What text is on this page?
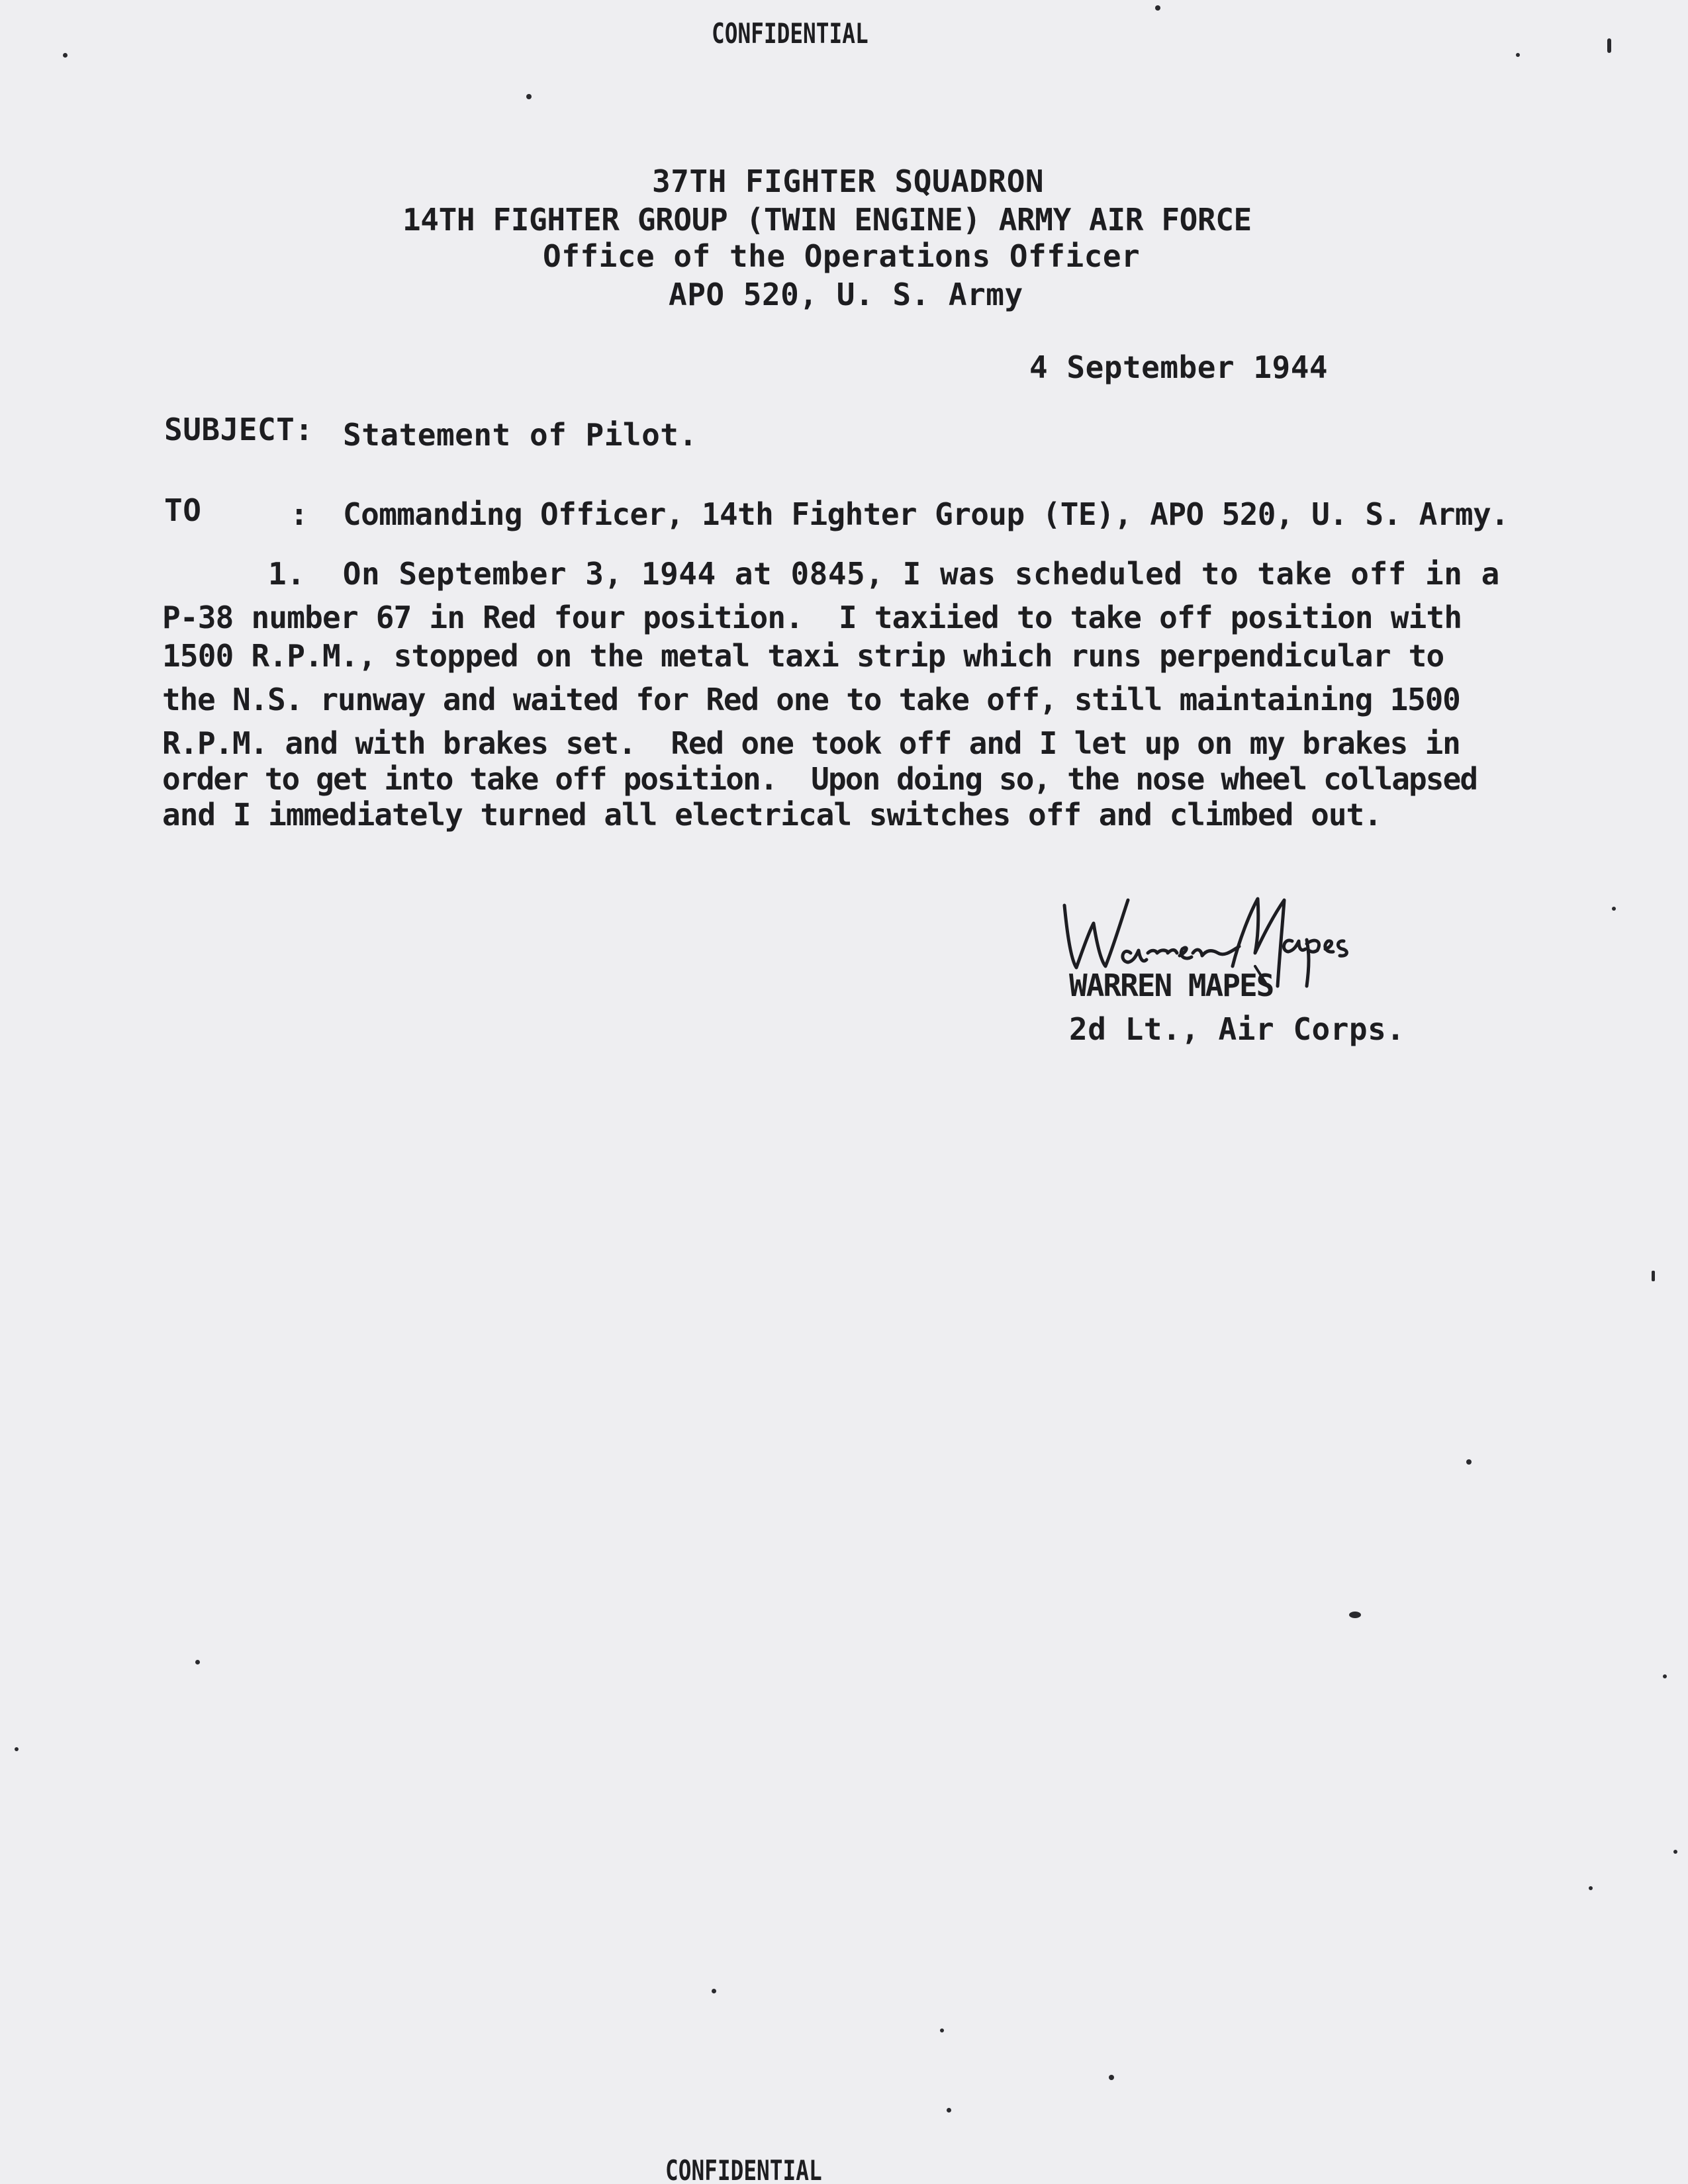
CONFIDENTIAL
37TH FIGHTER SQUADRON
14TH FIGHTER GROUP (TWIN ENGINE) ARMY AIR FORCE
Office of the Operations Officer
APO 520, U. S. Army
4 September 1944
SUBJECT: Statement of Pilot.
TO	: Commanding Officer, 14th Fighter Group (TE), APO 520, U. S. Army.
1.  On September 3, 1944 at 0845, I was scheduled to take off in a
P-38 number 67 in Red four position.  I taxiied to take off position with
1500 R.P.M., stopped on the metal taxi strip which runs perpendicular to
the N.S. runway and waited for Red one to take off, still maintaining 1500
R.P.M. and with brakes set.  Red one took off and I let up on my brakes in
order to get into take off position.  Upon doing so, the nose wheel collapsed
and I immediately turned all electrical switches off and climbed out.
WARREN MAPES
2d Lt., Air Corps.
CONFIDENTIAL
